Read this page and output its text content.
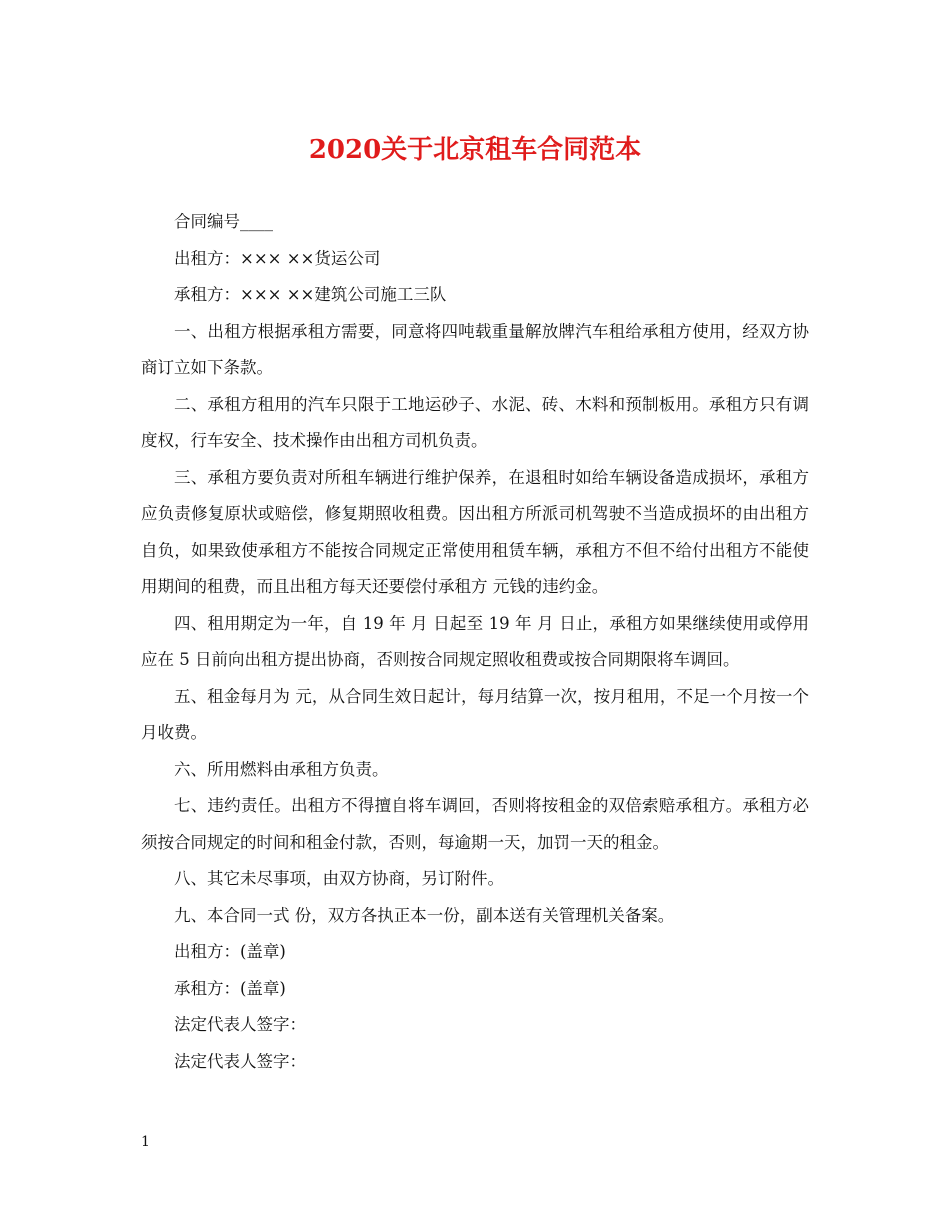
2020关于北京租车合同范本

合同编号____

出租方：××× ××货运公司

承租方：××× ××建筑公司施工三队

一、出租方根据承租方需要，同意将四吨载重量解放牌汽车租给承租方使用，经双方协商订立如下条款。

二、承租方租用的汽车只限于工地运砂子、水泥、砖、木料和预制板用。承租方只有调度权，行车安全、技术操作由出租方司机负责。

三、承租方要负责对所租车辆进行维护保养，在退租时如给车辆设备造成损坏，承租方应负责修复原状或赔偿，修复期照收租费。因出租方所派司机驾驶不当造成损坏的由出租方自负，如果致使承租方不能按合同规定正常使用租赁车辆，承租方不但不给付出租方不能使用期间的租费，而且出租方每天还要偿付承租方 元钱的违约金。

四、租用期定为一年，自 19 年 月 日起至 19 年 月 日止，承租方如果继续使用或停用应在 5 日前向出租方提出协商，否则按合同规定照收租费或按合同期限将车调回。

五、租金每月为 元，从合同生效日起计，每月结算一次，按月租用，不足一个月按一个月收费。

六、所用燃料由承租方负责。

七、违约责任。出租方不得擅自将车调回，否则将按租金的双倍索赔承租方。承租方必须按合同规定的时间和租金付款，否则，每逾期一天，加罚一天的租金。

八、其它未尽事项，由双方协商，另订附件。

九、本合同一式 份，双方各执正本一份，副本送有关管理机关备案。

出租方：(盖章)

承租方：(盖章)

法定代表人签字：

法定代表人签字：

1
